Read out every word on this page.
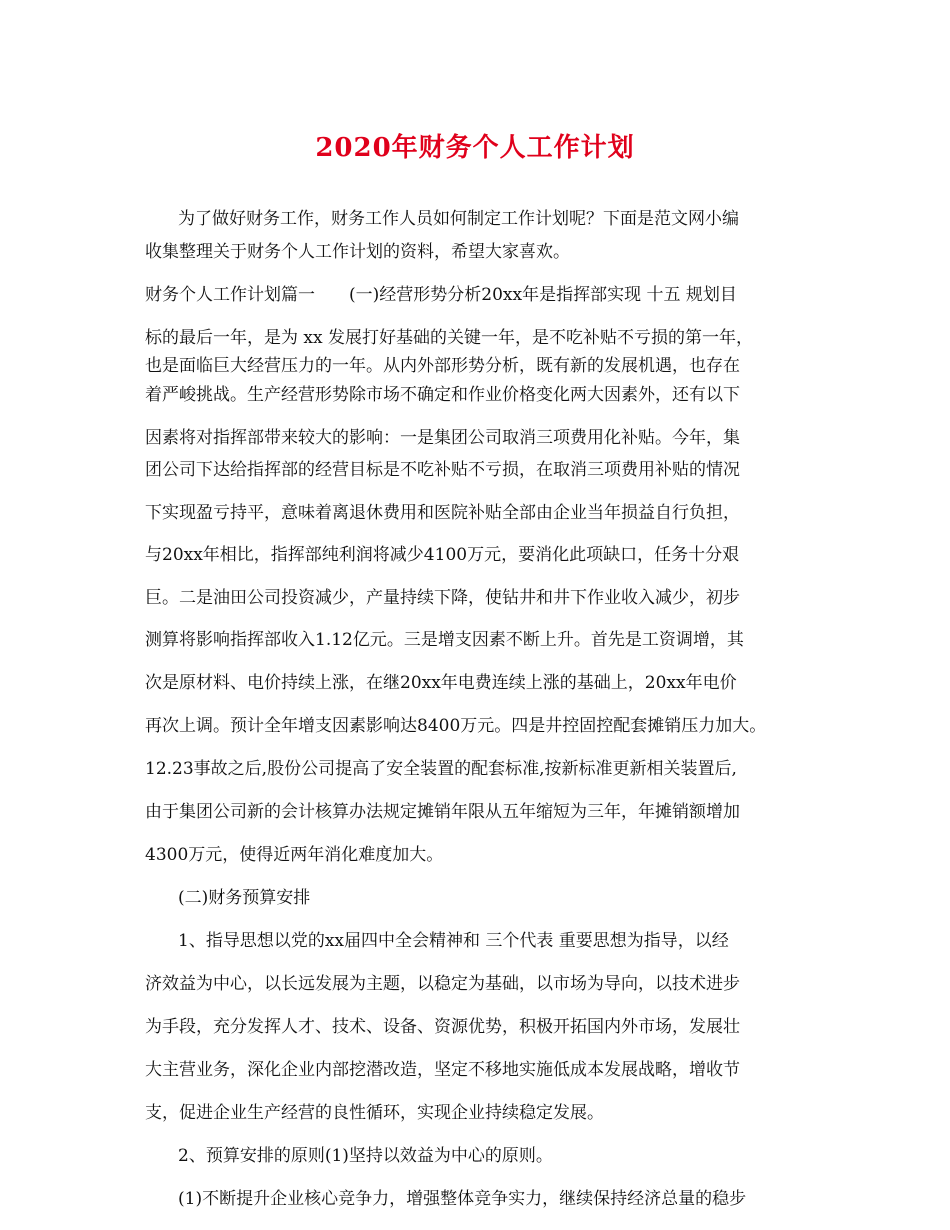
2020年财务个人工作计划
为了做好财务工作，财务工作人员如何制定工作计划呢？下面是范文网小编
收集整理关于财务个人工作计划的资料，希望大家喜欢。
财务个人工作计划篇一　　(一)经营形势分析20xx年是指挥部实现 十五 规划目
标的最后一年，是为 xx 发展打好基础的关键一年，是不吃补贴不亏损的第一年，
也是面临巨大经营压力的一年。从内外部形势分析，既有新的发展机遇，也存在
着严峻挑战。生产经营形势除市场不确定和作业价格变化两大因素外，还有以下
因素将对指挥部带来较大的影响：一是集团公司取消三项费用化补贴。今年，集
团公司下达给指挥部的经营目标是不吃补贴不亏损，在取消三项费用补贴的情况
下实现盈亏持平，意味着离退休费用和医院补贴全部由企业当年损益自行负担，
与20xx年相比，指挥部纯利润将减少4100万元，要消化此项缺口，任务十分艰
巨。二是油田公司投资减少，产量持续下降，使钻井和井下作业收入减少，初步
测算将影响指挥部收入1.12亿元。三是增支因素不断上升。首先是工资调增，其
次是原材料、电价持续上涨，在继20xx年电费连续上涨的基础上，20xx年电价
再次上调。预计全年增支因素影响达8400万元。四是井控固控配套摊销压力加大。
12.23事故之后,股份公司提高了安全装置的配套标准,按新标准更新相关装置后,
由于集团公司新的会计核算办法规定摊销年限从五年缩短为三年，年摊销额增加
4300万元，使得近两年消化难度加大。
(二)财务预算安排
1、指导思想以党的xx届四中全会精神和 三个代表 重要思想为指导，以经
济效益为中心，以长远发展为主题，以稳定为基础，以市场为导向，以技术进步
为手段，充分发挥人才、技术、设备、资源优势，积极开拓国内外市场，发展壮
大主营业务，深化企业内部挖潜改造，坚定不移地实施低成本发展战略，增收节
支，促进企业生产经营的良性循环，实现企业持续稳定发展。
2、预算安排的原则(1)坚持以效益为中心的原则。
(1)不断提升企业核心竞争力，增强整体竞争实力，继续保持经济总量的稳步
